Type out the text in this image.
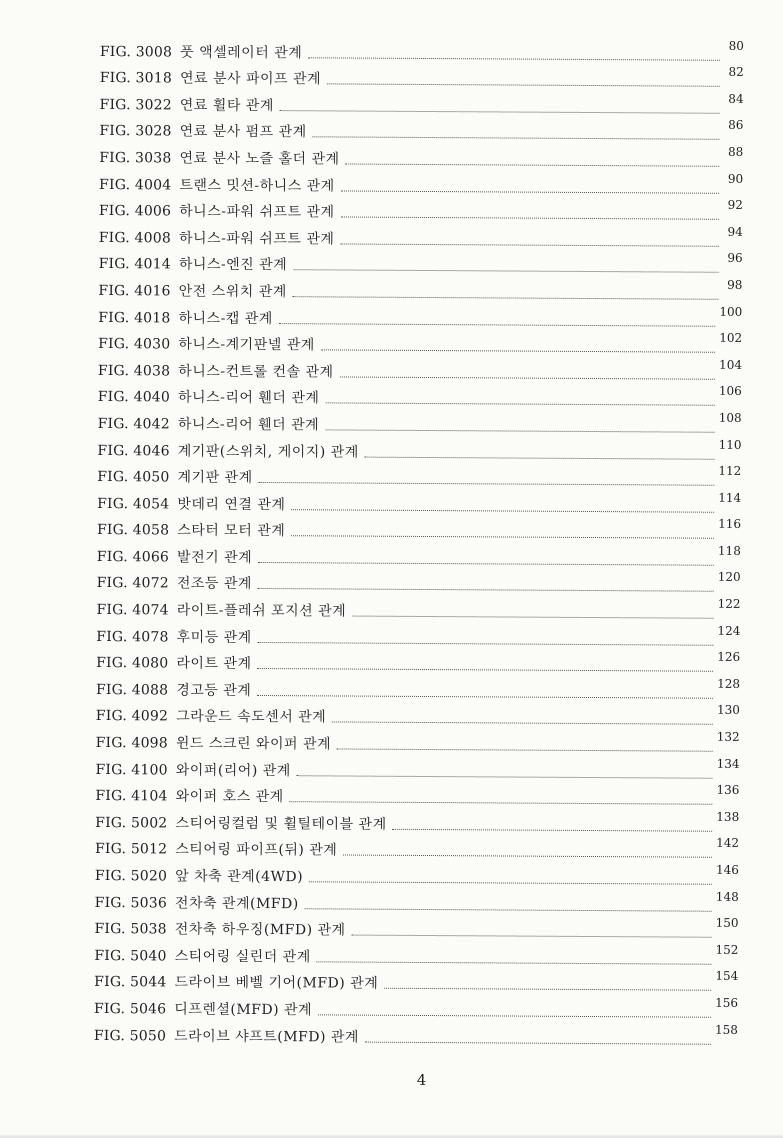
FIG. 3008 풋 액셀레이터 관계	80
FIG. 3018 연료 분사 파이프 관계	82
FIG. 3022 연료 휠타 관계	84
FIG. 3028 연료 분사 펌프 관계	86
FIG. 3038 연료 분사 노즐 홀더 관계	88
FIG. 4004 트랜스 밋션-하니스 관계	90
FIG. 4006 하니스-파워 쉬프트 관계	92
FIG. 4008 하니스-파워 쉬프트 관계	94
FIG. 4014 하니스-엔진 관계	96
FIG. 4016 안전 스위치 관계	98
FIG. 4018 하니스-캡 관계	100
FIG. 4030 하니스-계기판넬 관계	102
FIG. 4038 하니스-컨트롤 컨솔 관계	104
FIG. 4040 하니스-리어 휀더 관계	106
FIG. 4042 하니스-리어 휀더 관계	108
FIG. 4046 계기판(스위치, 게이지) 관계	110
FIG. 4050 계기판 관계	112
FIG. 4054 밧데리 연결 관계	114
FIG. 4058 스타터 모터 관계	116
FIG. 4066 발전기 관계	118
FIG. 4072 전조등 관계	120
FIG. 4074 라이트-플레쉬 포지션 관계	122
FIG. 4078 후미등 관계	124
FIG. 4080 라이트 관계	126
FIG. 4088 경고등 관계	128
FIG. 4092 그라운드 속도센서 관계	130
FIG. 4098 윈드 스크린 와이퍼 관계	132
FIG. 4100 와이퍼(리어) 관계	134
FIG. 4104 와이퍼 호스 관계	136
FIG. 5002 스티어링컬럼 및 휠틸테이블 관계	138
FIG. 5012 스티어링 파이프(뒤) 관계	142
FIG. 5020 앞 차축 관계(4WD)	146
FIG. 5036 전차축 관계(MFD)	148
FIG. 5038 전차축 하우징(MFD) 관계	150
FIG. 5040 스티어링 실린더 관계	152
FIG. 5044 드라이브 베벨 기어(MFD) 관계	154
FIG. 5046 디프렌셜(MFD) 관계	156
FIG. 5050 드라이브 샤프트(MFD) 관계	158
4
